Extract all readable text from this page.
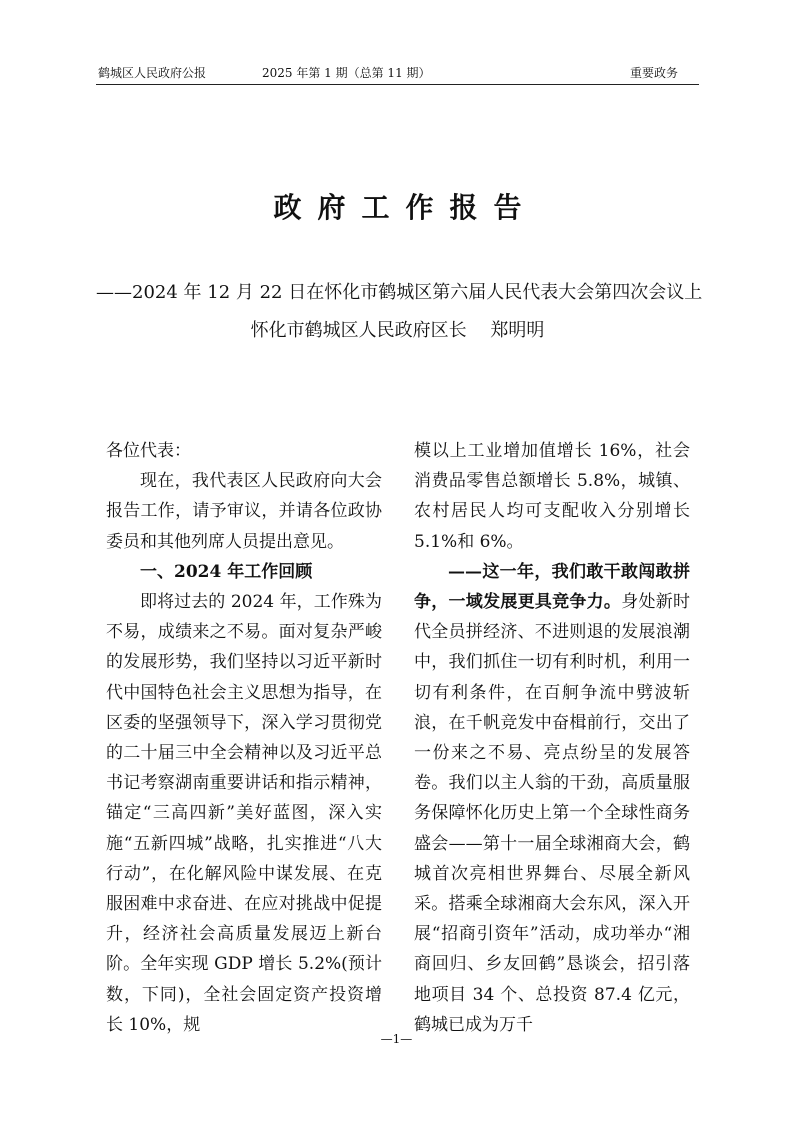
鹤城区人民政府公报	2025 年第 1 期（总第 11 期）	重要政务
政府工作报告
——2024 年 12 月 22 日在怀化市鹤城区第六届人民代表大会第四次会议上
怀化市鹤城区人民政府区长　 郑明明

各位代表：

现在，我代表区人民政府向大会报告工作，请予审议，并请各位政协委员和其他列席人员提出意见。

一、2024 年工作回顾

即将过去的 2024 年，工作殊为不易，成绩来之不易。面对复杂严峻的发展形势，我们坚持以习近平新时代中国特色社会主义思想为指导，在区委的坚强领导下，深入学习贯彻党的二十届三中全会精神以及习近平总书记考察湖南重要讲话和指示精神，锚定“三高四新”美好蓝图，深入实施“五新四城”战略，扎实推进“八大行动”，在化解风险中谋发展、在克服困难中求奋进、在应对挑战中促提升，经济社会高质量发展迈上新台阶。全年实现 GDP 增长 5.2%(预计数，下同)，全社会固定资产投资增长 10%，规

模以上工业增加值增长 16%，社会消费品零售总额增长 5.8%，城镇、农村居民人均可支配收入分别增长 5.1%和 6%。

——这一年，我们敢干敢闯敢拼争，一域发展更具竞争力。身处新时代全员拼经济、不进则退的发展浪潮中，我们抓住一切有利时机，利用一切有利条件，在百舸争流中劈波斩浪，在千帆竞发中奋楫前行，交出了一份来之不易、亮点纷呈的发展答卷。我们以主人翁的干劲，高质量服务保障怀化历史上第一个全球性商务盛会——第十一届全球湘商大会，鹤城首次亮相世界舞台、尽展全新风采。搭乘全球湘商大会东风，深入开展“招商引资年”活动，成功举办“湘商回归、乡友回鹤”恳谈会，招引落地项目 34 个、总投资 87.4 亿元，鹤城已成为万千

—1—
